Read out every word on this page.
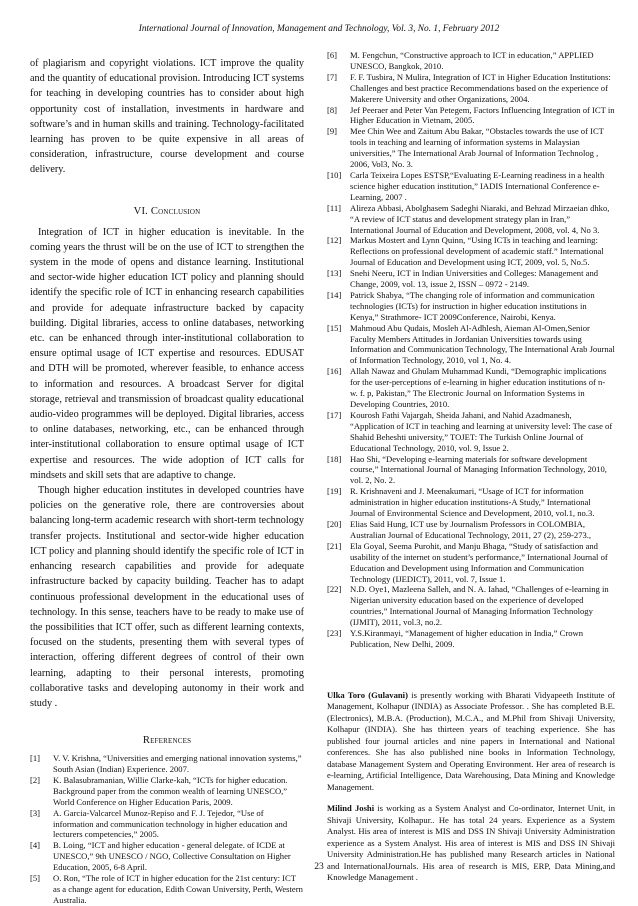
International Journal of Innovation, Management and Technology, Vol. 3, No. 1, February 2012

of plagiarism and copyright violations. ICT improve the quality and the quantity of educational provision. Introducing ICT systems for teaching in developing countries has to consider about high opportunity cost of installation, investments in hardware and software’s and in human skills and training. Technology-facilitated learning has proven to be quite expensive in all areas of consideration, infrastructure, course development and course delivery.

VI. Conclusion

Integration of ICT in higher education is inevitable. In the coming years the thrust will be on the use of ICT to strengthen the system in the mode of opens and distance learning. Institutional and sector-wide higher education ICT policy and planning should identify the specific role of ICT in enhancing research capabilities and provide for adequate infrastructure backed by capacity building. Digital libraries, access to online databases, networking etc. can be enhanced through inter-institutional collaboration to ensure optimal usage of ICT expertise and resources. EDUSAT and DTH will be promoted, wherever feasible, to enhance access to information and resources. A broadcast Server for digital storage, retrieval and transmission of broadcast quality educational audio-video programmes will be deployed. Digital libraries, access to online databases, networking, etc., can be enhanced through inter-institutional collaboration to ensure optimal usage of ICT expertise and resources. The wide adoption of ICT calls for mindsets and skill sets that are adaptive to change.

Though higher education institutes in developed countries have policies on the generative role, there are controversies about balancing long-term academic research with short-term technology transfer projects. Institutional and sector-wide higher education ICT policy and planning should identify the specific role of ICT in enhancing research capabilities and provide for adequate infrastructure backed by capacity building. Teacher has to adapt continuous professional development in the educational uses of technology. In this sense, teachers have to be ready to make use of the possibilities that ICT offer, such as different learning contexts, focused on the students, presenting them with several types of interaction, offering different degrees of control of their own learning, adapting to their personal interests, promoting collaborative tasks and developing autonomy in their work and study .

References

[1] V. V. Krishna, “Universities and emerging national innovation systems,” South Asian (Indian) Experience. 2007.
[2] K. Balasubramanian, Willie Clarke-kah, “ICTs for higher education. Background paper from the common wealth of learning UNESCO,” World Conference on Higher Education Paris, 2009.
[3] A. Garcia-Valcarcel Munoz-Repiso and F. J. Tejedor, “Use of information and communication technology in higher education and lecturers competencies,” 2005.
[4] B. Loing, “ICT and higher education - general delegate. of ICDE at UNESCO,” 9th UNESCO / NGO, Collective Consultation on Higher Education, 2005, 6-8 April.
[5] O. Ron, “The role of ICT in higher education for the 21st century: ICT as a change agent for education, Edith Cowan University, Perth, Western Australia.
[6] M. Fengchun, “Constructive approach to ICT in education,” APPLIED UNESCO, Bangkok, 2010.
[7] F. F. Tusbira, N Mulira, Integration of ICT in Higher Education Institutions: Challenges and best practice Recommendations based on the experience of Makerere University and other Organizations, 2004.
[8] Jef Peeraer and Peter Van Petegem, Factors Influencing Integration of ICT in Higher Education in Vietnam, 2005.
[9] Mee Chin Wee and Zaitum Abu Bakar, “Obstacles towards the use of ICT tools in teaching and learning of information systems in Malaysian universities,” The International Arab Journal of Information Technolog , 2006, Vol3, No. 3.
[10] Carla Teixeira Lopes ESTSP,“Evaluating E-Learning readiness in a health science higher education institution,” IADIS International Conference e- Learning, 2007 .
[11] Alireza Abbasi, Abolghasem Sadeghi Niaraki, and Behzad Mirzaeian dhko, “A review of ICT status and development strategy plan in Iran,” International Journal of Education and Development, 2008, vol. 4, No 3.
[12] Markus Mostert and Lynn Quinn, “Using ICTs in teaching and learning: Reflections on professional development of academic staff.” International Journal of Education and Development using ICT, 2009, vol. 5, No.5.
[13] Snehi Neeru, ICT in Indian Universities and Colleges: Management and Change, 2009, vol. 13, issue 2, ISSN – 0972 - 2149.
[14] Patrick Shabya, “The changing role of information and communication technologies (ICTs) for instruction in higher education institutions in Kenya,” Strathmore- ICT 2009Conference, Nairobi, Kenya.
[15] Mahmoud Abu Qudais, Mosleh Al-Adhlesh, Aieman Al-Omen,Senior Faculty Members Attitudes in Jordanian Universities towards using Information and Communication Technology, The International Arab Journal of Information Technology, 2010, vol 1, No. 4.
[16] Allah Nawaz and Ghulam Muhammad Kundi, “Demographic implications for the user-perceptions of e-learning in higher education institutions of n- w. f. p, Pakistan,” The Electronic Journal on Information Systems in Developing Countries, 2010.
[17] Kourosh Fathi Vajargah, Sheida Jahani, and Nahid Azadmanesh, “Application of ICT in teaching and learning at university level: The case of Shahid Beheshti university,” TOJET: The Turkish Online Journal of Educational Technology, 2010, vol. 9, Issue 2.
[18] Hao Shi, “Developing e-learning materials for software development course,” International Journal of Managing Information Technology, 2010, vol. 2, No. 2.
[19] R. Krishnaveni and J. Meenakumari, “Usage of ICT for information administration in higher education institutions-A Study,” International Journal of Environmental Science and Development, 2010, vol.1, no.3.
[20] Elias Said Hung, ICT use by Journalism Professors in COLOMBIA, Australian Journal of Educational Technology, 2011, 27 (2), 259-273.,
[21] Ela Goyal, Seema Purohit, and Manju Bhaga, “Study of satisfaction and usability of the internet on student’s performance,” International Journal of Education and Development using Information and Communication Technology (IJEDICT), 2011, vol. 7, Issue 1.
[22] N.D. Oye1, Mazleena Salleh, and N. A. Iahad, “Challenges of e-learning in Nigerian university education based on the experience of developed countries,” International Journal of Managing Information Technology (IJMIT), 2011, vol.3, no.2.
[23] Y.S.Kiranmayi, “Management of higher education in India,” Crown Publication, New Delhi, 2009.

Ulka Toro (Gulavani) is presently working with Bharati Vidyapeeth Institute of Management, Kolhapur (INDIA) as Associate Professor. . She has completed B.E. (Electronics), M.B.A. (Production), M.C.A., and M.Phil from Shivaji University, Kolhapur (INDIA). She has thirteen years of teaching experience. She has published four journal articles and nine papers in International and National conferences. She has also published nine books in Information Technology, database Management System and Operating Environment. Her area of research is e-learning, Artificial Intelligence, Data Warehousing, Data Mining and Knowledge Management.

Milind Joshi is working as a System Analyst and Co-ordinator, Internet Unit, in Shivaji University, Kolhapur.. He has total 24 years. Experience as a System Analyst. His area of interest is MIS and DSS IN Shivaji University Administration experience as a System Analyst. His area of interest is MIS and DSS IN Shivaji University Administration.He has published many Research articles in National and InternationalJournals. His area of research is MIS, ERP, Data Mining,and Knowledge Management .

23
